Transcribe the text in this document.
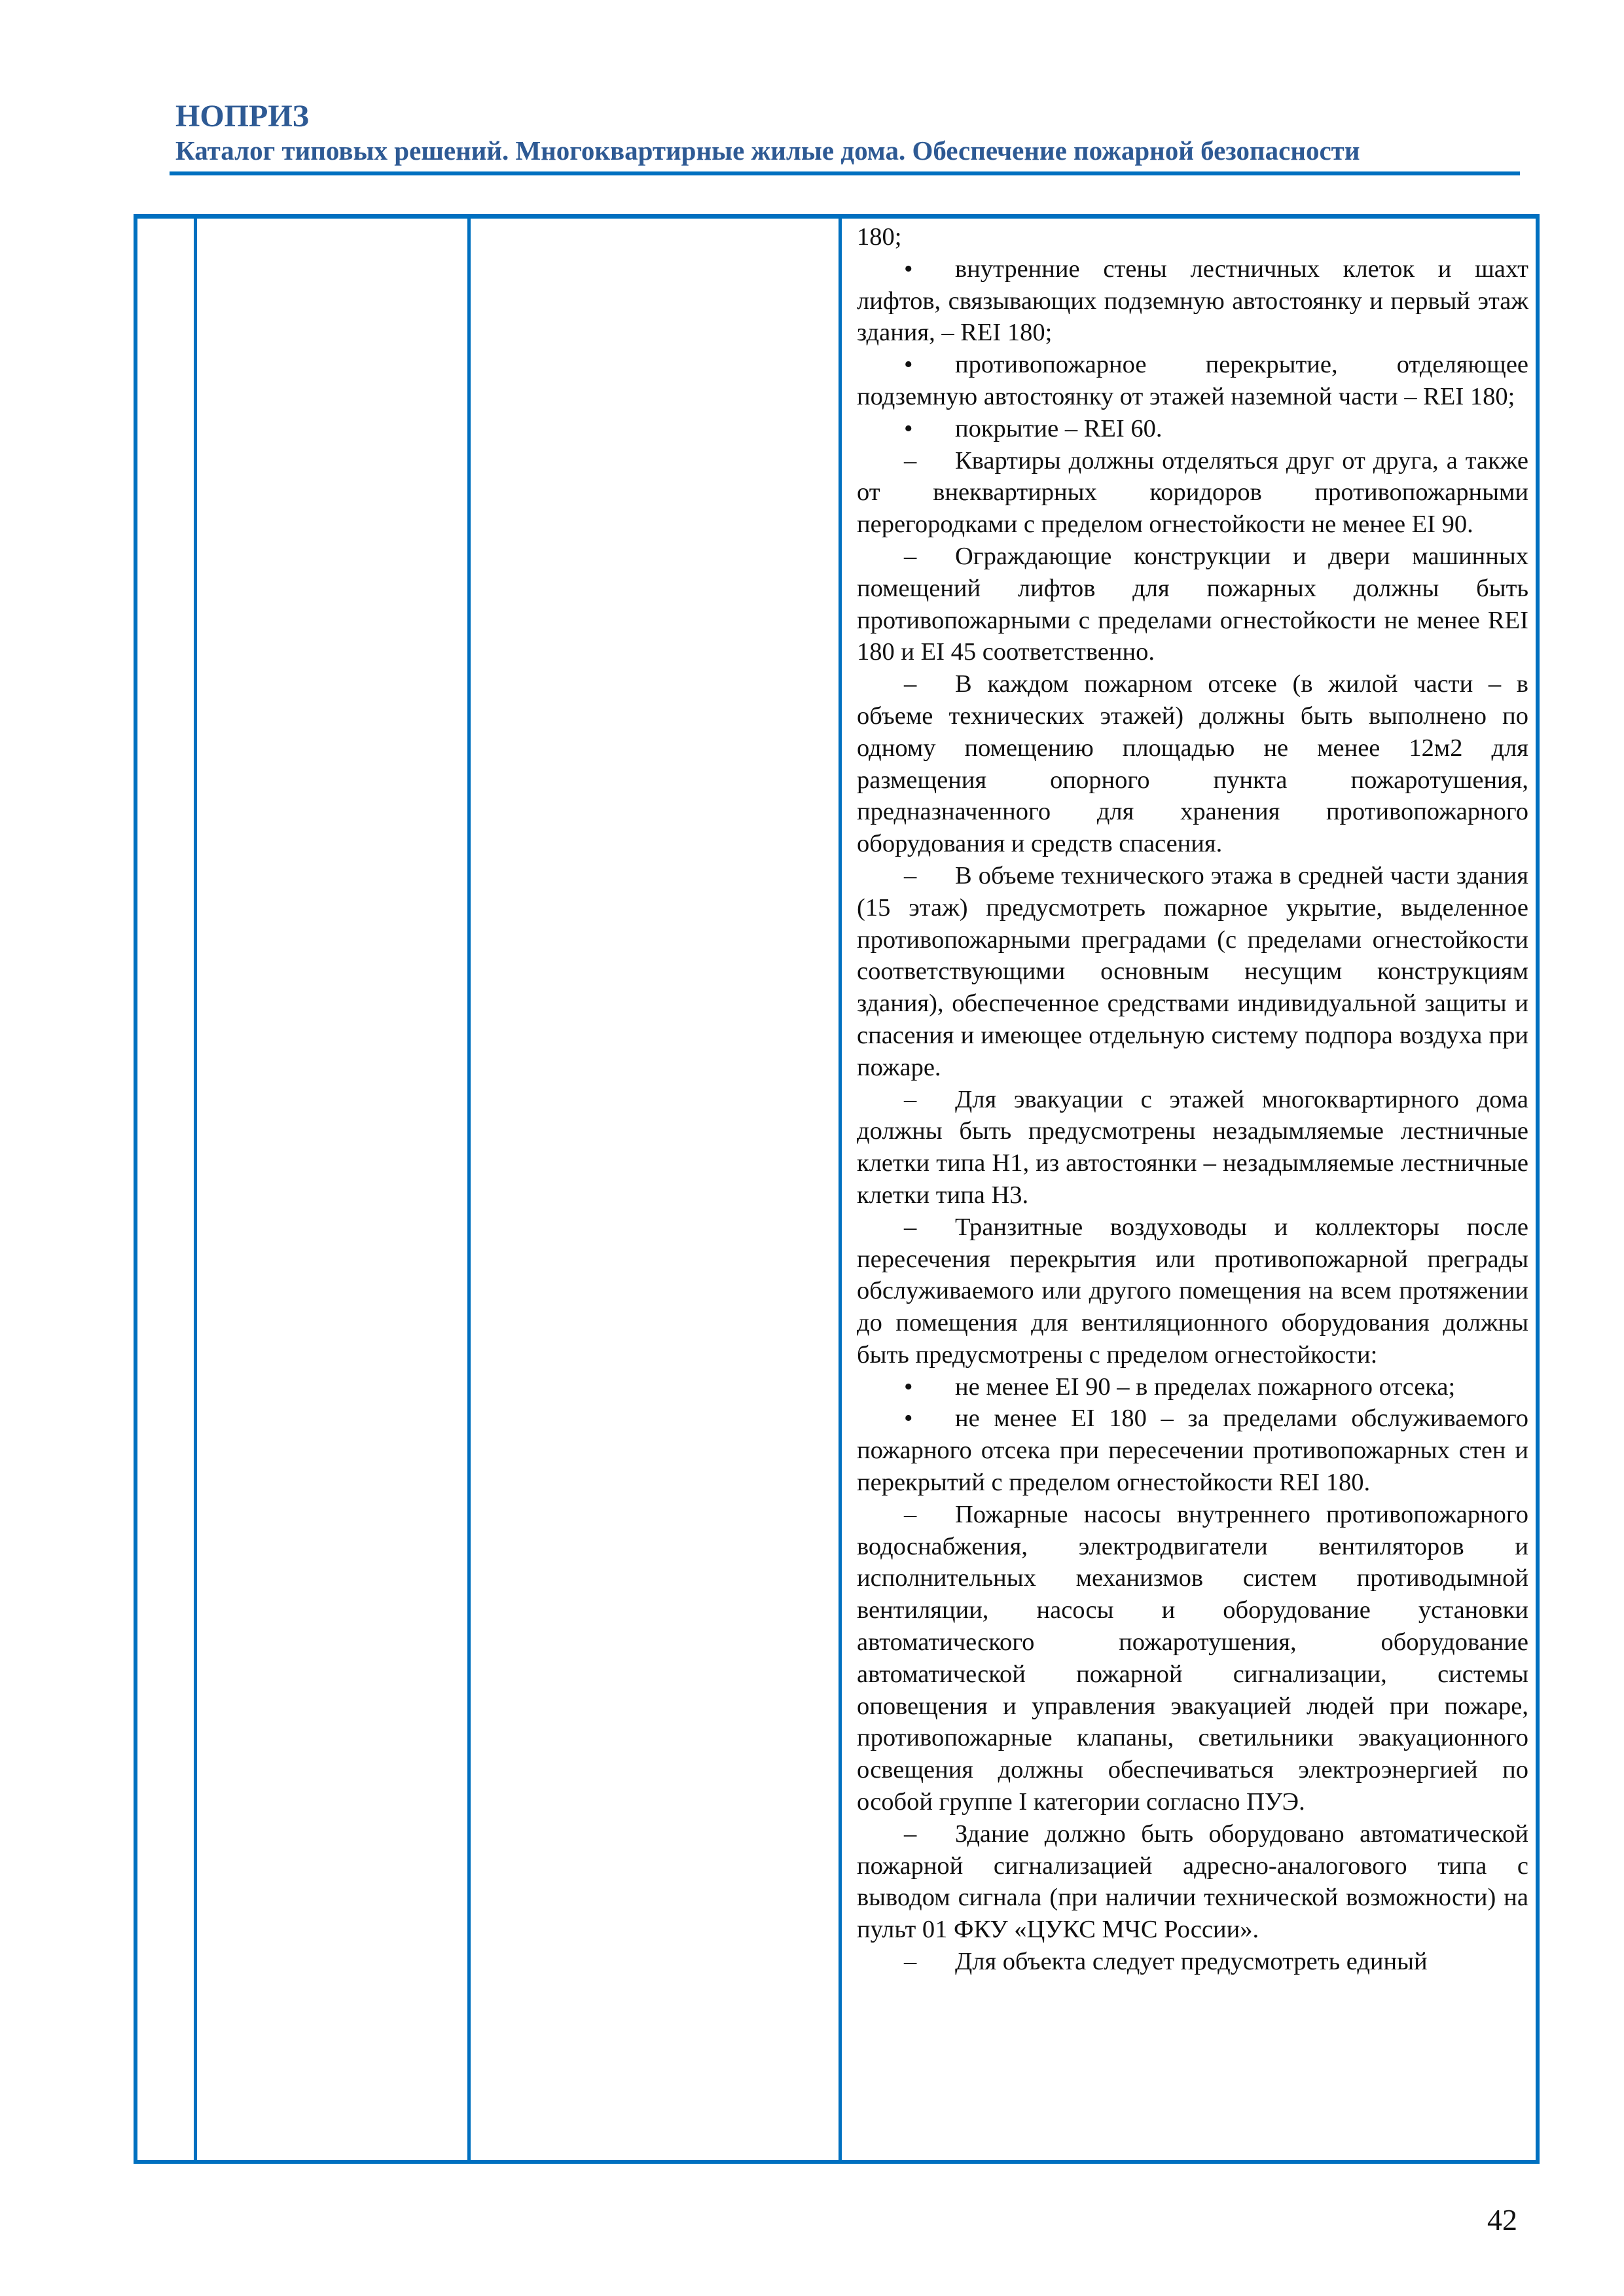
НОПРИЗ
Каталог типовых решений. Многоквартирные жилые дома. Обеспечение пожарной безопасности

180;

• внутренние стены лестничных клеток и шахт лифтов, связывающих подземную автостоянку и первый этаж здания, – REI 180;

• противопожарное перекрытие, отделяющее подземную автостоянку от этажей наземной части – REI 180;

• покрытие – REI 60.

– Квартиры должны отделяться друг от друга, а также от внеквартирных коридоров противопожарными перегородками с пределом огнестойкости не менее EI 90.

– Ограждающие конструкции и двери машинных помещений лифтов для пожарных должны быть противопожарными с пределами огнестойкости не менее REI 180 и EI 45 соответственно.

– В каждом пожарном отсеке (в жилой части – в объеме технических этажей) должны быть выполнено по одному помещению площадью не менее 12м2 для размещения опорного пункта пожаротушения, предназначенного для хранения противопожарного оборудования и средств спасения.

– В объеме технического этажа в средней части здания (15 этаж) предусмотреть пожарное укрытие, выделенное противопожарными преградами (с пределами огнестойкости соответствующими основным несущим конструкциям здания), обеспеченное средствами индивидуальной защиты и спасения и имеющее отдельную систему подпора воздуха при пожаре.

– Для эвакуации с этажей многоквартирного дома должны быть предусмотрены незадымляемые лестничные клетки типа Н1, из автостоянки – незадымляемые лестничные клетки типа Н3.

– Транзитные воздуховоды и коллекторы после пересечения перекрытия или противопожарной преграды обслуживаемого или другого помещения на всем протяжении до помещения для вентиляционного оборудования должны быть предусмотрены с пределом огнестойкости:

• не менее EI 90 – в пределах пожарного отсека;

• не менее EI 180 – за пределами обслуживаемого пожарного отсека при пересечении противопожарных стен и перекрытий с пределом огнестойкости REI 180.

– Пожарные насосы внутреннего противопожарного водоснабжения, электродвигатели вентиляторов и исполнительных механизмов систем противодымной вентиляции, насосы и оборудование установки автоматического пожаротушения, оборудование автоматической пожарной сигнализации, системы оповещения и управления эвакуацией людей при пожаре, противопожарные клапаны, светильники эвакуационного освещения должны обеспечиваться электроэнергией по особой группе I категории согласно ПУЭ.

– Здание должно быть оборудовано автоматической пожарной сигнализацией адресно-аналогового типа с выводом сигнала (при наличии технической возможности) на пульт 01 ФКУ «ЦУКС МЧС России».

– Для объекта следует предусмотреть единый

42
